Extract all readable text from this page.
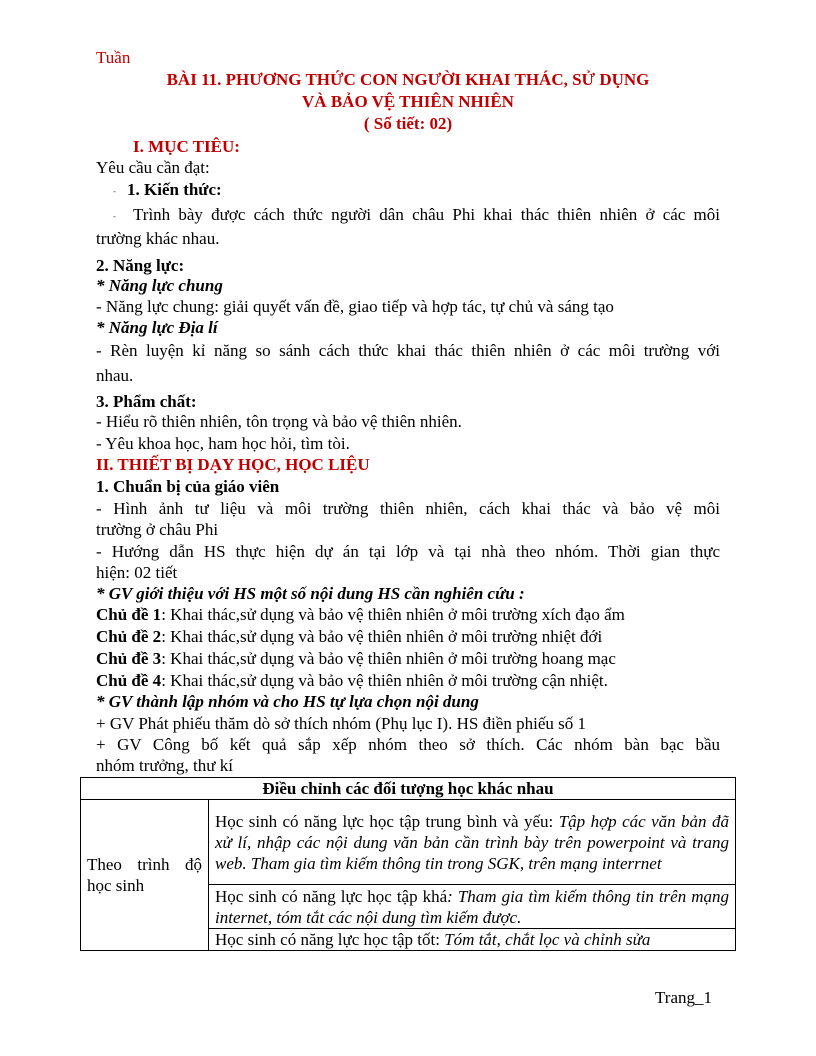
Tuần
BÀI 11. PHƯƠNG THỨC CON NGƯỜI KHAI THÁC, SỬ DỤNG
VÀ BẢO VỆ THIÊN NHIÊN
( Số tiết: 02)
I. MỤC TIÊU:
Yêu cầu cần đạt:
- 1. Kiến thức:
- Trình bày được cách thức người dân châu Phi khai thác thiên nhiên ở các môi
trường khác nhau.
2. Năng lực:
* Năng lực chung
- Năng lực chung: giải quyết vấn đề, giao tiếp và hợp tác, tự chủ và sáng tạo
* Năng lực Địa lí
- Rèn luyện kỉ năng so sánh cách thức khai thác thiên nhiên ở các môi trường với
nhau.
3. Phẩm chất:
- Hiểu rõ thiên nhiên, tôn trọng và bảo vệ thiên nhiên.
- Yêu khoa học, ham học hỏi, tìm tòi.
II. THIẾT BỊ DẠY HỌC, HỌC LIỆU
1. Chuẩn bị của giáo viên
- Hình ảnh tư liệu và môi trường thiên nhiên, cách khai thác và bảo vệ môi
trường ở châu Phi
- Hướng dẫn HS thực hiện dự án tại lớp và tại nhà theo nhóm. Thời gian thực
hiện: 02 tiết
* GV giới thiệu với HS một số nội dung HS cần nghiên cứu :
Chủ đề 1: Khai thác,sử dụng và bảo vệ thiên nhiên ở môi trường xích đạo ẩm
Chủ đề 2: Khai thác,sử dụng và bảo vệ thiên nhiên ở môi trường nhiệt đới
Chủ đề 3: Khai thác,sử dụng và bảo vệ thiên nhiên ở môi trường hoang mạc
Chủ đề 4: Khai thác,sử dụng và bảo vệ thiên nhiên ở môi trường cận nhiệt.
* GV thành lập nhóm và cho HS tự lựa chọn nội dung
+ GV Phát phiếu thăm dò sở thích nhóm (Phụ lục I). HS điền phiếu số 1
+ GV Công bố kết quả sắp xếp nhóm theo sở thích. Các nhóm bàn bạc bầu
nhóm trưởng, thư kí
Điều chỉnh các đối tượng học khác nhau
Theo trình độ học sinh	Học sinh có năng lực học tập trung bình và yếu: Tập hợp các văn bản đã xử lí, nhập các nội dung văn bản cần trình bày trên powerpoint và trang web. Tham gia tìm kiếm thông tin trong SGK, trên mạng interrnet
Học sinh có năng lực học tập khá: Tham gia tìm kiếm thông tin trên mạng internet, tóm tắt các nội dung tìm kiếm được.
Học sinh có năng lực học tập tốt: Tóm tắt, chắt lọc và chỉnh sửa
Trang_1
